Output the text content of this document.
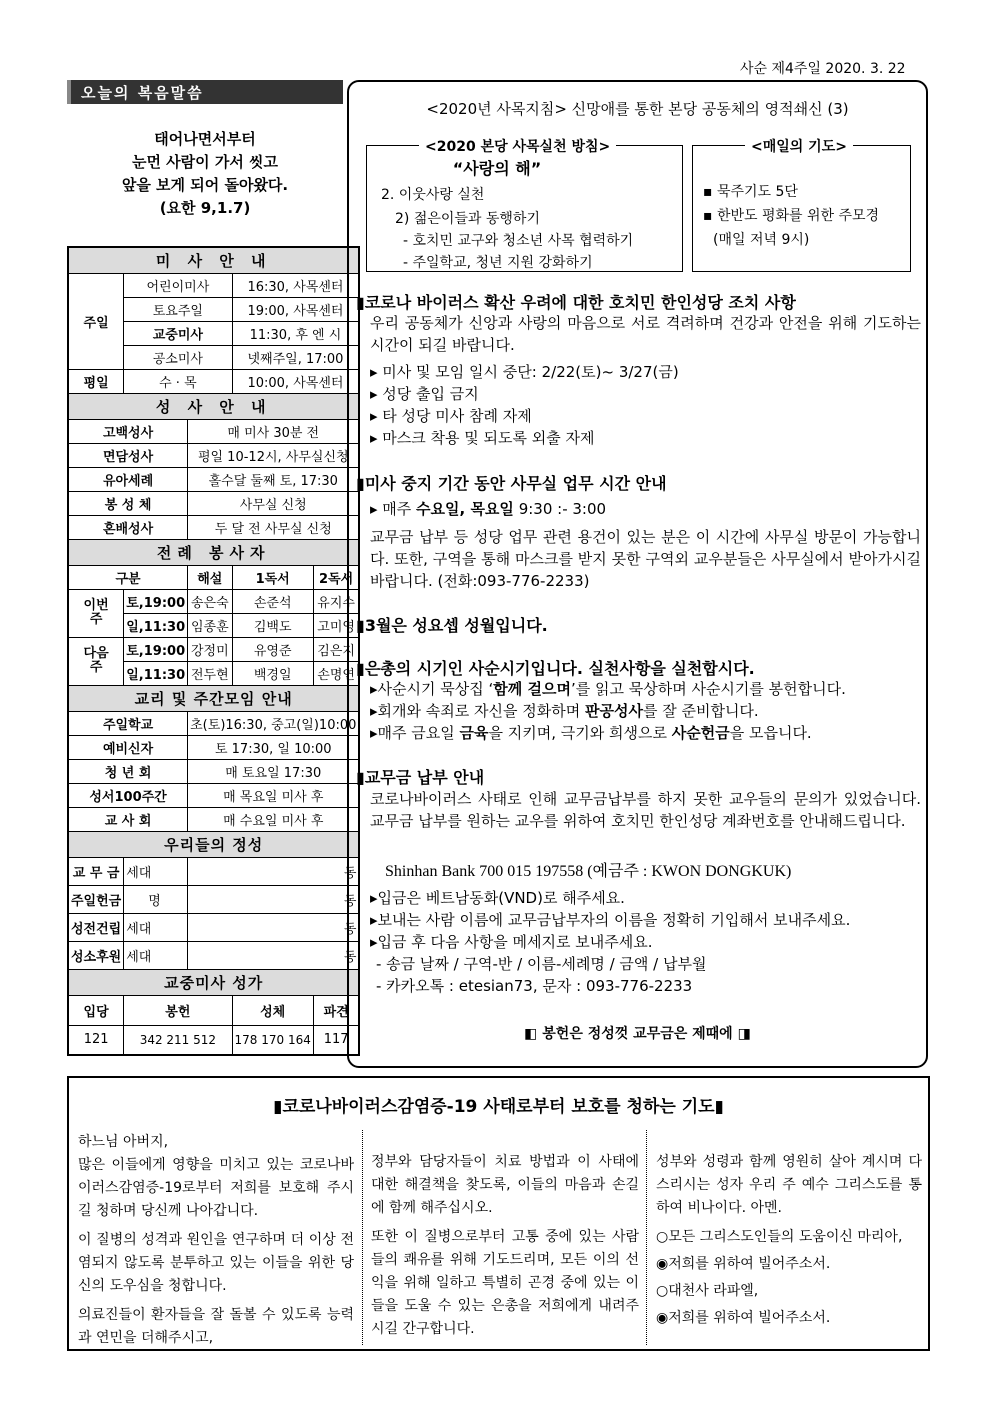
사순 제4주일 2020. 3. 22
오늘의 복음말씀
태어나면서부터
눈먼 사람이 가서 씻고
앞을 보게 되어 돌아왔다.
(요한 9,1.7)
미 사 안 내				
주일	어린이미사		16:30, 사목센터	
	토요주일		19:00, 사목센터	
	교중미사		11:30, 후 엔 시	
	공소미사		넷째주일, 17:00	
평일	수 · 목		10:00, 사목센터	
성 사 안 내				
고백성사		매 미사 30분 전		
면담성사		평일 10-12시, 사무실신청		
유아세례		홀수달 둘째 토, 17:30		
봉 성 체		사무실 신청		
혼배성사		두 달 전 사무실 신청		
전례 봉사자				
구분		해설	1독서	2독서
이번주	토,19:00	송은숙	손준석	유지수
	일,11:30	임종훈	김백도	고미영
다음주	토,19:00	강정미	유영준	김은지
	일,11:30	전두현	백경일	손명연
교리 및 주간모임 안내				
주일학교		초(토)16:30, 중고(일)10:00		
예비신자		토 17:30, 일 10:00		
청 년 회		매 토요일 17:30		
성서100주간		매 목요일 미사 후		
교 사 회		매 수요일 미사 후		
우리들의 정성				
교 무 금	세대	동		
주일헌금	명	동		
성전건립	세대	동		
성소후원	세대	동		
교중미사 성가				
입당	봉헌		성체	파견
121	342 211 512		178 170 164	117
<2020년 사목지침> 신망애를 통한 본당 공동체의 영적쇄신 (3)
<2020 본당 사목실천 방침>
“사랑의 해”
2. 이웃사랑 실천
2) 젊은이들과 동행하기
- 호치민 교구와 청소년 사목 협력하기
- 주일학교, 청년 지원 강화하기
<매일의 기도>
▪ 묵주기도 5단
▪ 한반도 평화를 위한 주모경
(매일 저녁 9시)
▮코로나 바이러스 확산 우려에 대한 호치민 한인성당 조치 사항
우리 공동체가 신앙과 사랑의 마음으로 서로 격려하며 건강과 안전을 위해 기도하는 시간이 되길 바랍니다.
▸ 미사 및 모임 일시 중단: 2/22(토)~ 3/27(금)
▸ 성당 출입 금지
▸ 타 성당 미사 참례 자제
▸ 마스크 착용 및 되도록 외출 자제
▮미사 중지 기간 동안 사무실 업무 시간 안내
▸ 매주 수요일, 목요일 9:30 :- 3:00
교무금 납부 등 성당 업무 관련 용건이 있는 분은 이 시간에 사무실 방문이 가능합니다. 또한, 구역을 통해 마스크를 받지 못한 구역외 교우분들은 사무실에서 받아가시길 바랍니다. (전화:093-776-2233)
▮3월은 성요셉 성월입니다.
▮은총의 시기인 사순시기입니다. 실천사항을 실천합시다.
▸사순시기 묵상집 ‘함께 걸으며’를 읽고 묵상하며 사순시기를 봉헌합니다.
▸회개와 속죄로 자신을 정화하며 판공성사를 잘 준비합니다.
▸매주 금요일 금육을 지키며, 극기와 희생으로 사순헌금을 모읍니다.
▮교무금 납부 안내
코로나바이러스 사태로 인해 교무금납부를 하지 못한 교우들의 문의가 있었습니다. 교무금 납부를 원하는 교우를 위하여 호치민 한인성당 계좌번호를 안내해드립니다.
Shinhan Bank 700 015 197558 (예금주 : KWON DONGKUK)
▸입금은 베트남동화(VND)로 해주세요.
▸보내는 사람 이름에 교무금납부자의 이름을 정확히 기입해서 보내주세요.
▸입금 후 다음 사항을 메세지로 보내주세요.
- 송금 날짜 / 구역-반 / 이름-세례명 / 금액 / 납부월
- 카카오톡 : etesian73, 문자 : 093-776-2233
◧ 봉헌은 정성껏 교무금은 제때에 ◨
▮코로나바이러스감염증-19 사태로부터 보호를 청하는 기도▮
하느님 아버지,
많은 이들에게 영향을 미치고 있는 코로나바이러스감염증-19로부터 저희를 보호해 주시길 청하며 당신께 나아갑니다.
이 질병의 성격과 원인을 연구하며 더 이상 전염되지 않도록 분투하고 있는 이들을 위한 당신의 도우심을 청합니다.
의료진들이 환자들을 잘 돌볼 수 있도록 능력과 연민을 더해주시고,
정부와 담당자들이 치료 방법과 이 사태에 대한 해결책을 찾도록, 이들의 마음과 손길에 함께 해주십시오.
또한 이 질병으로부터 고통 중에 있는 사람들의 쾌유를 위해 기도드리며, 모든 이의 선익을 위해 일하고 특별히 곤경 중에 있는 이들을 도울 수 있는 은총을 저희에게 내려주시길 간구합니다.
성부와 성령과 함께 영원히 살아 계시며 다스리시는 성자 우리 주 예수 그리스도를 통하여 비나이다. 아멘.
○모든 그리스도인들의 도움이신 마리아,
◉저희를 위하여 빌어주소서.
○대천사 라파엘,
◉저희를 위하여 빌어주소서.
